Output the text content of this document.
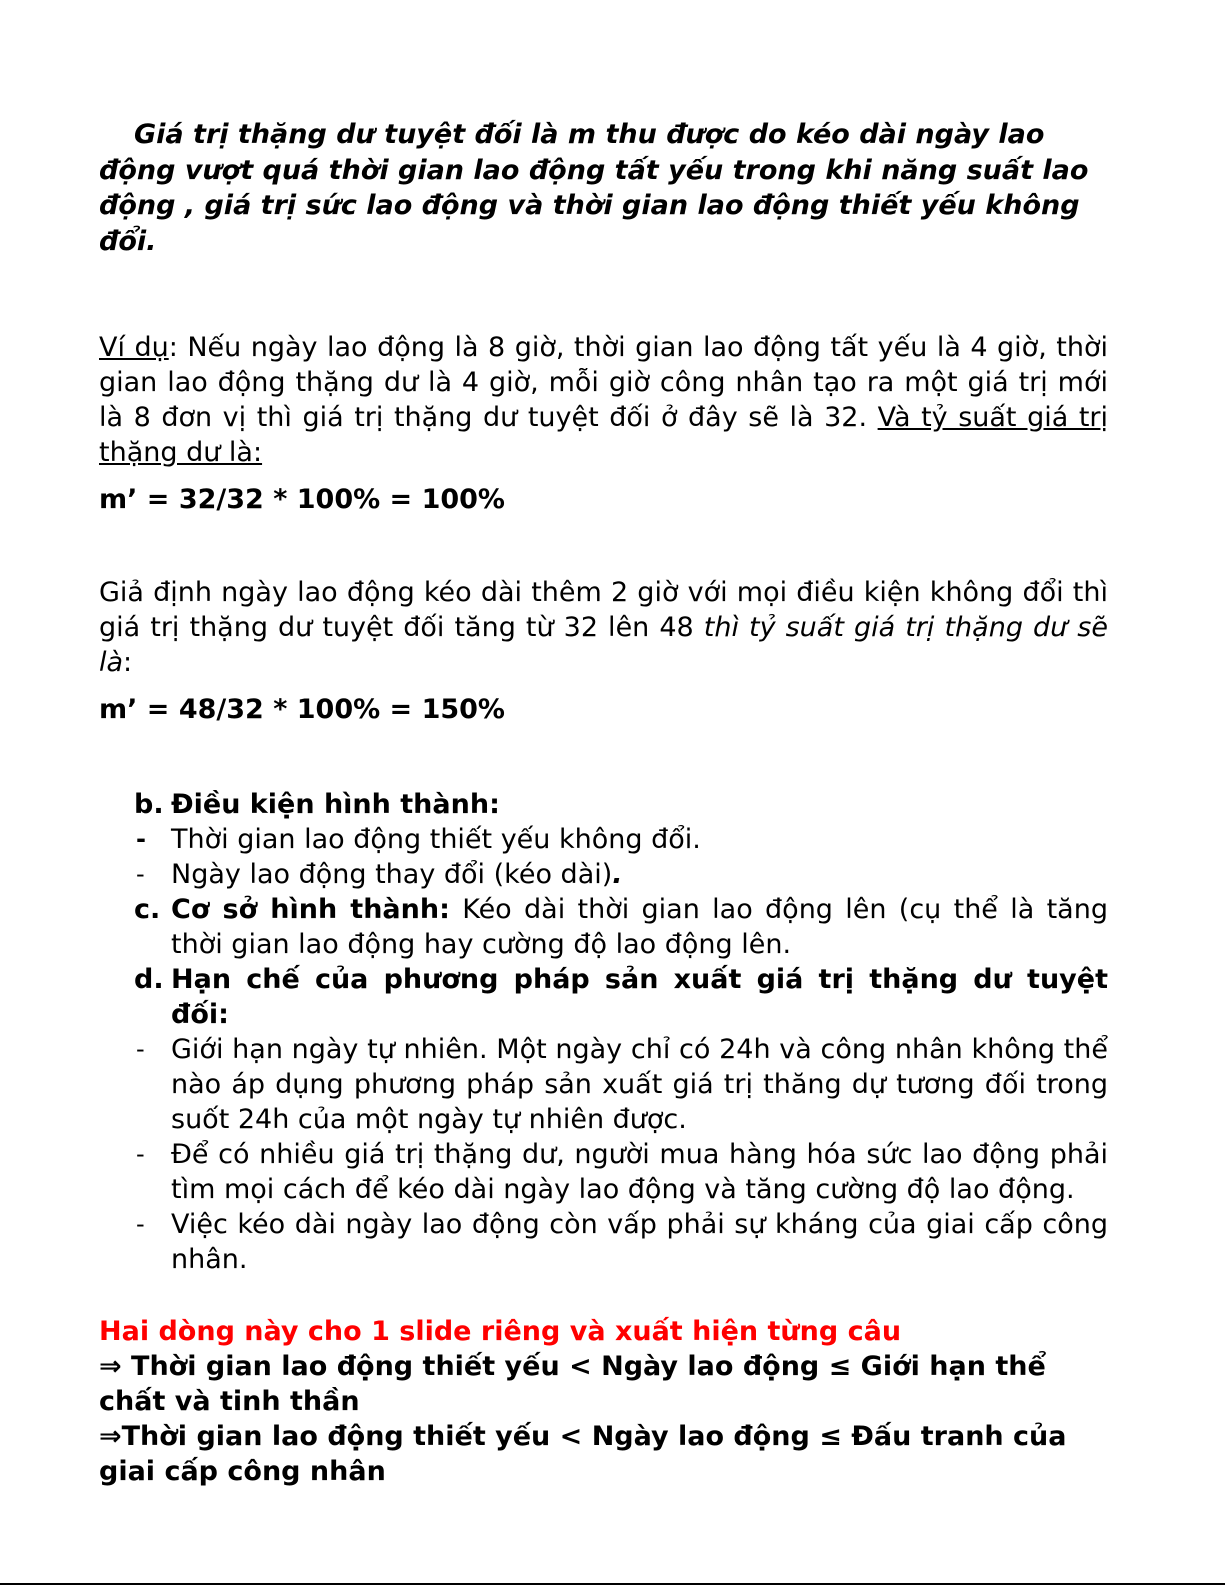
Giá trị thặng dư tuyệt đối là m thu được do kéo dài ngày lao động vượt quá thời gian lao động tất yếu trong khi năng suất lao động , giá trị sức lao động và thời gian lao động thiết yếu không đổi.

Ví dụ: Nếu ngày lao động là 8 giờ, thời gian lao động tất yếu là 4 giờ, thời gian lao động thặng dư là 4 giờ, mỗi giờ công nhân tạo ra một giá trị mới là 8 đơn vị thì giá trị thặng dư tuyệt đối ở đây sẽ là 32. Và tỷ suất giá trị thặng dư là:

m’ = 32/32 * 100% = 100%

Giả định ngày lao động kéo dài thêm 2 giờ với mọi điều kiện không đổi thì giá trị thặng dư tuyệt đối tăng từ 32 lên 48 thì tỷ suất giá trị thặng dư sẽ là:

m’ = 48/32 * 100% = 150%

b. Điều kiện hình thành:

- Thời gian lao động thiết yếu không đổi.

- Ngày lao động thay đổi (kéo dài).

c. Cơ sở hình thành: Kéo dài thời gian lao động lên (cụ thể là tăng thời gian lao động hay cường độ lao động lên.

d. Hạn chế của phương pháp sản xuất giá trị thặng dư tuyệt đối:

- Giới hạn ngày tự nhiên. Một ngày chỉ có 24h và công nhân không thể nào áp dụng phương pháp sản xuất giá trị thăng dự tương đối trong suốt 24h của một ngày tự nhiên được.

- Để có nhiều giá trị thặng dư, người mua hàng hóa sức lao động phải tìm mọi cách để kéo dài ngày lao động và tăng cường độ lao động.

- Việc kéo dài ngày lao động còn vấp phải sự kháng của giai cấp công nhân.

Hai dòng này cho 1 slide riêng và xuất hiện từng câu

⇒ Thời gian lao động thiết yếu < Ngày lao động ≤ Giới hạn thể chất và tinh thần

⇒Thời gian lao động thiết yếu < Ngày lao động ≤ Đấu tranh của giai cấp công nhân
